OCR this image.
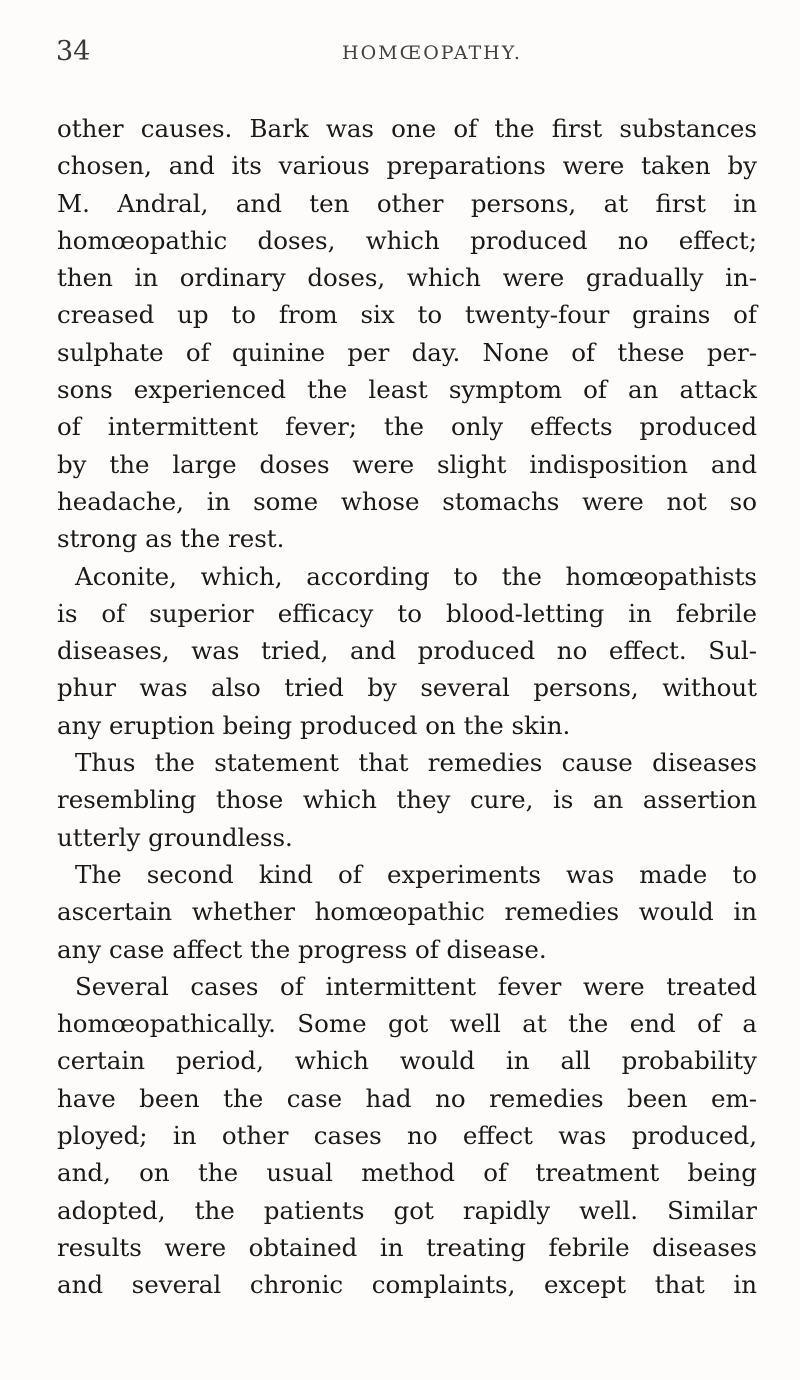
34	HOMŒOPATHY.
other causes. Bark was one of the first substances
chosen, and its various preparations were taken by
M. Andral, and ten other persons, at first in
homœopathic doses, which produced no effect;
then in ordinary doses, which were gradually in-
creased up to from six to twenty-four grains of
sulphate of quinine per day. None of these per-
sons experienced the least symptom of an attack
of intermittent fever; the only effects produced
by the large doses were slight indisposition and
headache, in some whose stomachs were not so
strong as the rest.
Aconite, which, according to the homœopathists
is of superior efficacy to blood-letting in febrile
diseases, was tried, and produced no effect. Sul-
phur was also tried by several persons, without
any eruption being produced on the skin.
Thus the statement that remedies cause diseases
resembling those which they cure, is an assertion
utterly groundless.
The second kind of experiments was made to
ascertain whether homœopathic remedies would in
any case affect the progress of disease.
Several cases of intermittent fever were treated
homœopathically. Some got well at the end of a
certain period, which would in all probability
have been the case had no remedies been em-
ployed; in other cases no effect was produced,
and, on the usual method of treatment being
adopted, the patients got rapidly well. Similar
results were obtained in treating febrile diseases
and several chronic complaints, except that in
